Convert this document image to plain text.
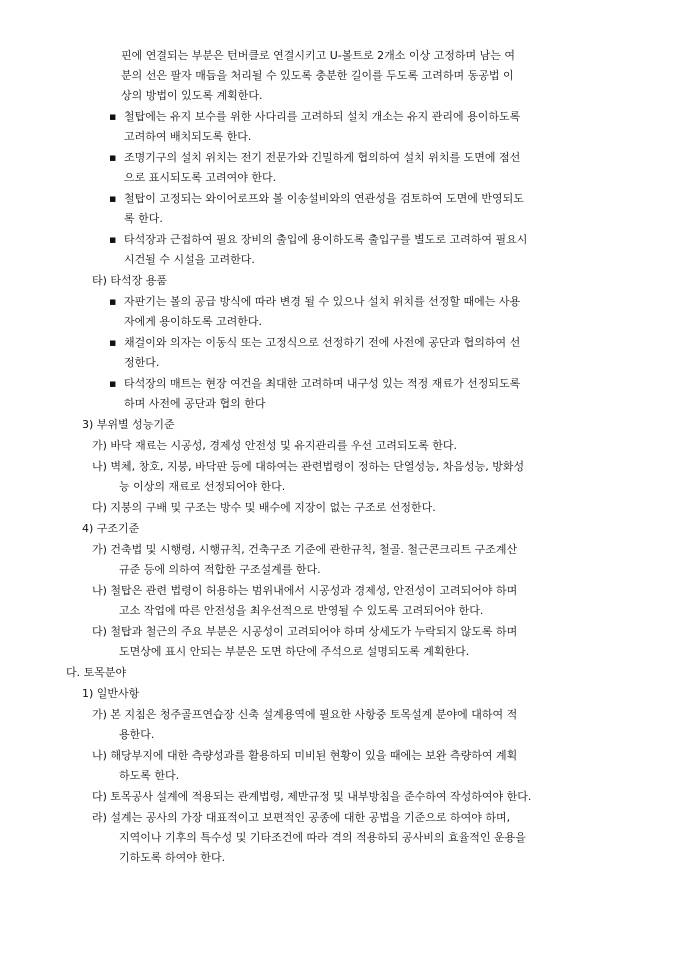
핀에 연결되는 부분은 턴버클로 연결시키고 U-볼트로 2개소 이상 고정하며 남는 여
분의 선은 팔자 매듭을 처리될 수 있도록 충분한 길이를 두도록 고려하며 동공법 이
상의 방법이 있도록 계획한다.
▪ 철탑에는 유지 보수를 위한 사다리를 고려하되 설치 개소는 유지 관리에 용이하도록
고려하여 배치되도록 한다.
▪ 조명기구의 설치 위치는 전기 전문가와 긴밀하게 협의하여 설치 위치를 도면에 점선
으로 표시되도록 고려여야 한다.
▪ 철탑이 고정되는 와이어로프와 볼 이송설비와의 연관성을 검토하여 도면에 반영되도
록 한다.
▪ 타석장과 근접하여 필요 장비의 출입에 용이하도록 출입구를 별도로 고려하여 필요시
시건될 수 시설을 고려한다.
타) 타석장 용품
▪ 자판기는 볼의 공급 방식에 따라 변경 될 수 있으나 설치 위치를 선정할 때에는 사용
자에게 용이하도록 고려한다.
▪ 채걸이와 의자는 이동식 또는 고정식으로 선정하기 전에 사전에 공단과 협의하여 선
정한다.
▪ 타석장의 매트는 현장 여건을 최대한 고려하며 내구성 있는 적정 재료가 선정되도록
하며 사전에 공단과 협의 한다
3) 부위별 성능기준
가) 바닥 재료는 시공성, 경제성 안전성 및 유지관리를 우선 고려되도록 한다.
나) 벽체, 창호, 지붕, 바닥판 등에 대하여는 관련법령이 정하는 단열성능, 차음성능, 방화성
능 이상의 재료로 선정되어야 한다.
다) 지붕의 구배 및 구조는 방수 및 배수에 지장이 없는 구조로 선정한다.
4) 구조기준
가) 건축법 및 시행령, 시행규칙, 건축구조 기준에 관한규칙, 철골. 철근콘크리트 구조계산
규준 등에 의하여 적합한 구조설계를 한다.
나) 철탑은 관련 법령이 허용하는 범위내에서 시공성과 경제성, 안전성이 고려되어야 하며
고소 작업에 따른 안전성을 최우선적으로 반영될 수 있도록 고려되어야 한다.
다) 철탑과 철근의 주요 부분은 시공성이 고려되어야 하며 상세도가 누락되지 않도록 하며
도면상에 표시 안되는 부분은 도면 하단에 주석으로 설명되도록 계획한다.
다. 토목분야
1) 일반사항
가) 본 지침은 청주골프연습장 신축 설계용역에 필요한 사항중 토목설계 분야에 대하여 적
용한다.
나) 해당부지에 대한 측량성과를 활용하되 미비된 현황이 있을 때에는 보완 측량하여 계획
하도록 한다.
다) 토목공사 설계에 적용되는 관계법령, 제반규정 및 내부방침을 준수하여 작성하여야 한다.
라) 설계는 공사의 가장 대표적이고 보편적인 공종에 대한 공법을 기준으로 하여야 하며,
지역이나 기후의 특수성 및 기타조건에 따라 격의 적용하되 공사비의 효율적인 운용을
기하도록 하여야 한다.
